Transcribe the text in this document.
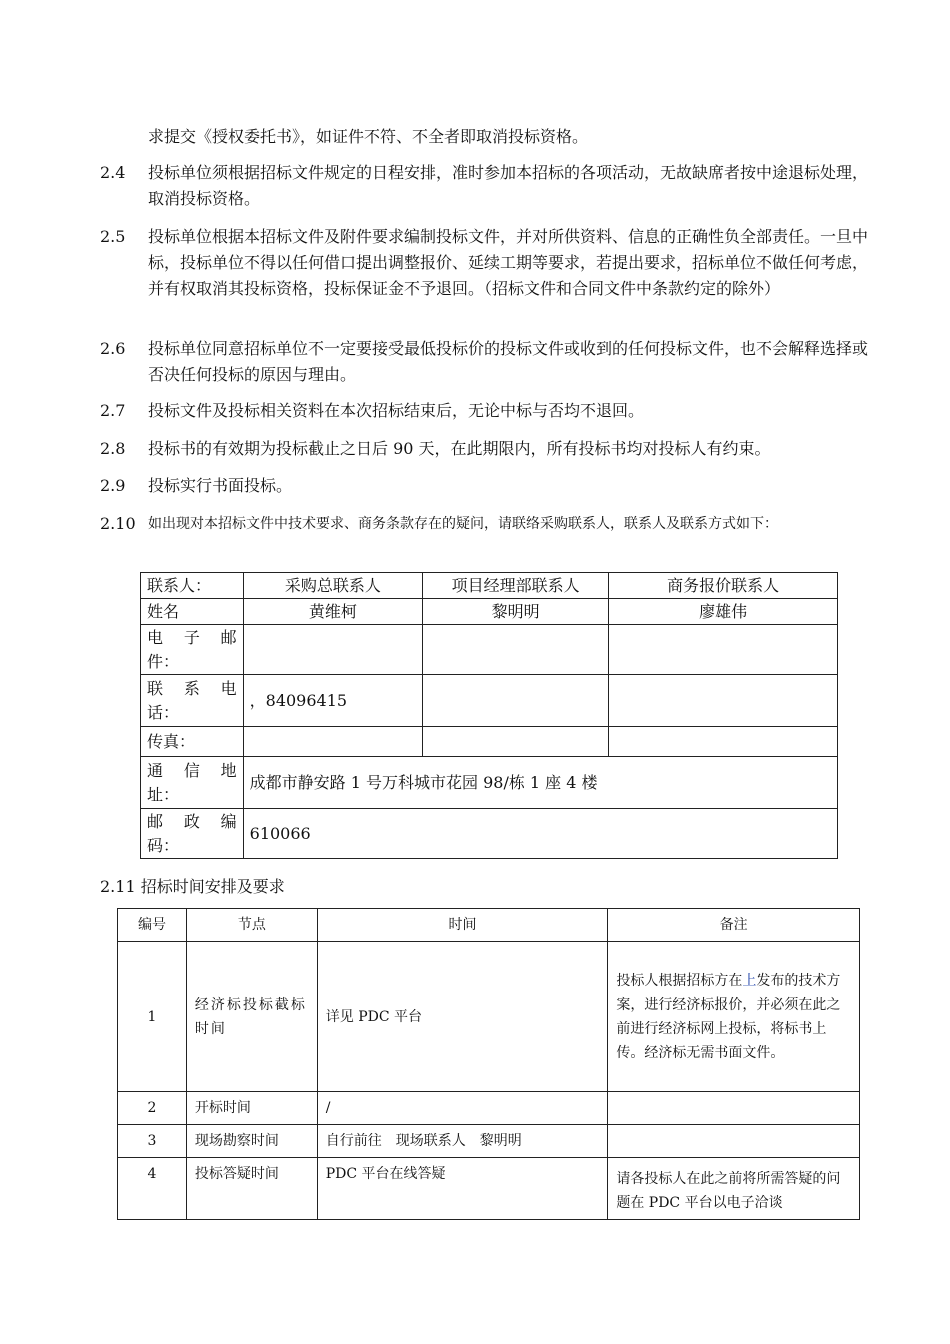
求提交《授权委托书》，如证件不符、不全者即取消投标资格。
2.4	投标单位须根据招标文件规定的日程安排，准时参加本招标的各项活动，无故缺席者按中途退标处理，取消投标资格。
2.5	投标单位根据本招标文件及附件要求编制投标文件，并对所供资料、信息的正确性负全部责任。一旦中标，投标单位不得以任何借口提出调整报价、延续工期等要求，若提出要求，招标单位不做任何考虑，并有权取消其投标资格，投标保证金不予退回。（招标文件和合同文件中条款约定的除外）
2.6	投标单位同意招标单位不一定要接受最低投标价的投标文件或收到的任何投标文件，也不会解释选择或否决任何投标的原因与理由。
2.7	投标文件及投标相关资料在本次招标结束后，无论中标与否均不退回。
2.8	投标书的有效期为投标截止之日后 90 天，在此期限内，所有投标书均对投标人有约束。
2.9	投标实行书面投标。
2.10 如出现对本招标文件中技术要求、商务条款存在的疑问，请联络采购联系人，联系人及联系方式如下：
联系人：	采购总联系人	项目经理部联系人	商务报价联系人
姓名	黄维柯	黎明明	廖雄伟
电 子 邮
件：			

联 系 电
话：	，84096415		
传真：			
通 信 地
址：	成都市静安路 1 号万科城市花园 98/栋 1 座 4 楼		
邮 政 编
码：	610066		
2.11 招标时间安排及要求
编号	节点	时间	备注
1	经济标投标截标时间	详见 PDC 平台	投标人根据招标方在上发布的技术方案，进行经济标报价，并必须在此之前进行经济标网上投标，将标书上传。经济标无需书面文件。
2	开标时间	/	
3	现场勘察时间	自行前往　现场联系人　黎明明	
4	投标答疑时间	PDC 平台在线答疑	请各投标人在此之前将所需答疑的问题在 PDC 平台以电子洽谈
